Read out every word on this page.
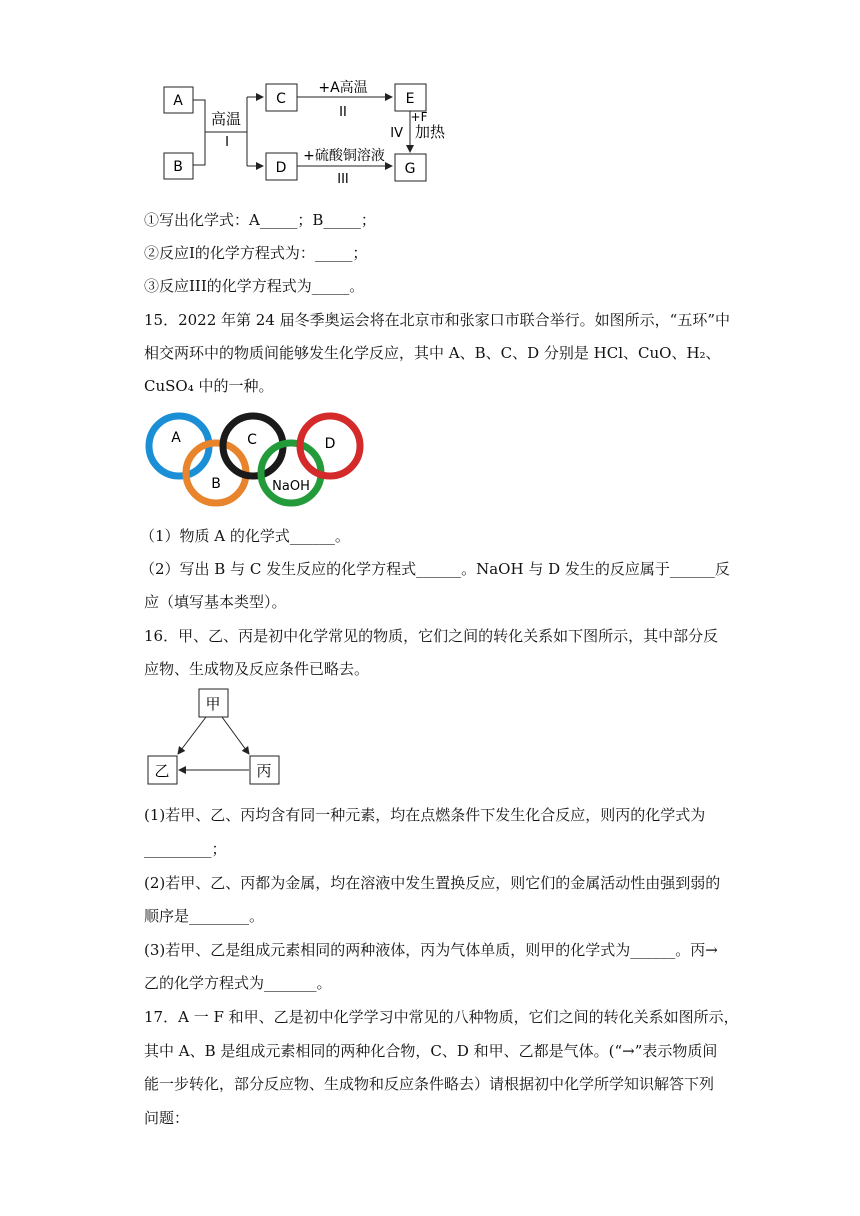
A
B
高温
I
C
D
+A高温
II
+硫酸铜溶液
III
E
G
+F
IV 加热
①写出化学式：A_____；B_____；
②反应I的化学方程式为：_____；
③反应III的化学方程式为_____。
15．2022 年第 24 届冬季奥运会将在北京市和张家口市联合举行。如图所示，“五环”中
相交两环中的物质间能够发生化学反应，其中 A、B、C、D 分别是 HCl、CuO、H₂、
CuSO₄ 中的一种。
A
B
C
NaOH
D
（1）物质 A 的化学式______。
（2）写出 B 与 C 发生反应的化学方程式______。NaOH 与 D 发生的反应属于______反
应（填写基本类型）。
16．甲、乙、丙是初中化学常见的物质，它们之间的转化关系如下图所示，其中部分反
应物、生成物及反应条件已略去。
甲
乙	丙
(1)若甲、乙、丙均含有同一种元素，均在点燃条件下发生化合反应，则丙的化学式为
_________；
(2)若甲、乙、丙都为金属，均在溶液中发生置换反应，则它们的金属活动性由强到弱的
顺序是________。
(3)若甲、乙是组成元素相同的两种液体，丙为气体单质，则甲的化学式为______。丙→
乙的化学方程式为_______。
17．A 一 F 和甲、乙是初中化学学习中常见的八种物质，它们之间的转化关系如图所示，
其中 A、B 是组成元素相同的两种化合物，C、D 和甲、乙都是气体。(“→”表示物质间
能一步转化，部分反应物、生成物和反应条件略去）请根据初中化学所学知识解答下列
问题：
